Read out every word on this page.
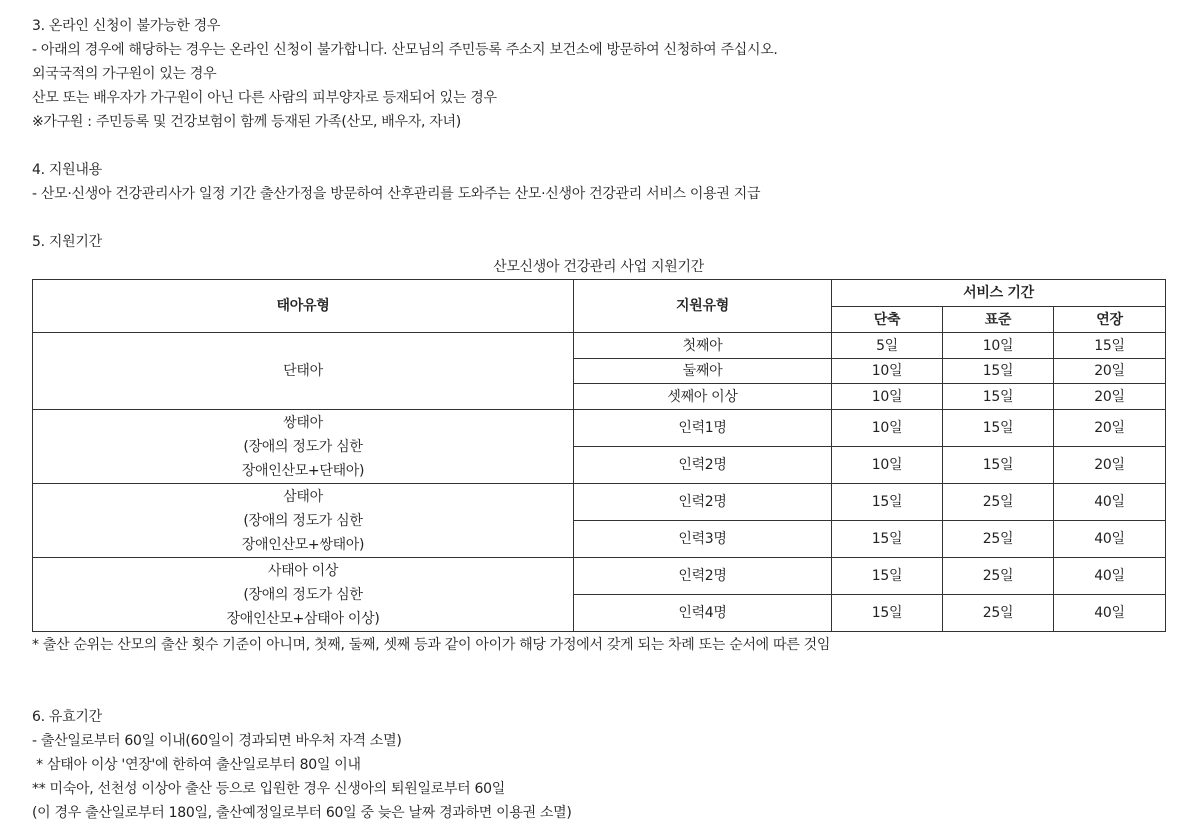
3. 온라인 신청이 불가능한 경우
- 아래의 경우에 해당하는 경우는 온라인 신청이 불가합니다. 산모님의 주민등록 주소지 보건소에 방문하여 신청하여 주십시오.
외국국적의 가구원이 있는 경우
산모 또는 배우자가 가구원이 아닌 다른 사람의 피부양자로 등재되어 있는 경우
※가구원 : 주민등록 및 건강보험이 함께 등재된 가족(산모, 배우자, 자녀)
4. 지원내용
- 산모·신생아 건강관리사가 일정 기간 출산가정을 방문하여 산후관리를 도와주는 산모·신생아 건강관리 서비스 이용권 지급
5. 지원기간
산모신생아 건강관리 사업 지원기간
태아유형	지원유형	서비스 기간		
		단축	표준	연장
단태아	첫째아	5일	10일	15일
	둘째아	10일	15일	20일
	셋째아 이상	10일	15일	20일

쌍태아
(장애의 정도가 심한
장애인산모+단태아)	인력1명	10일	15일	20일
	인력2명	10일	15일	20일

삼태아
(장애의 정도가 심한
장애인산모+쌍태아)	인력2명	15일	25일	40일
	인력3명	15일	25일	40일

사태아 이상
(장애의 정도가 심한
장애인산모+삼태아 이상)	인력2명	15일	25일	40일
	인력4명	15일	25일	40일
* 출산 순위는 산모의 출산 횟수 기준이 아니며, 첫째, 둘째, 셋째 등과 같이 아이가 해당 가정에서 갖게 되는 차례 또는 순서에 따른 것임
6. 유효기간
- 출산일로부터 60일 이내(60일이 경과되면 바우처 자격 소멸)
* 삼태아 이상 '연장'에 한하여 출산일로부터 80일 이내
** 미숙아, 선천성 이상아 출산 등으로 입원한 경우 신생아의 퇴원일로부터 60일
(이 경우 출산일로부터 180일, 출산예정일로부터 60일 중 늦은 날짜 경과하면 이용권 소멸)
